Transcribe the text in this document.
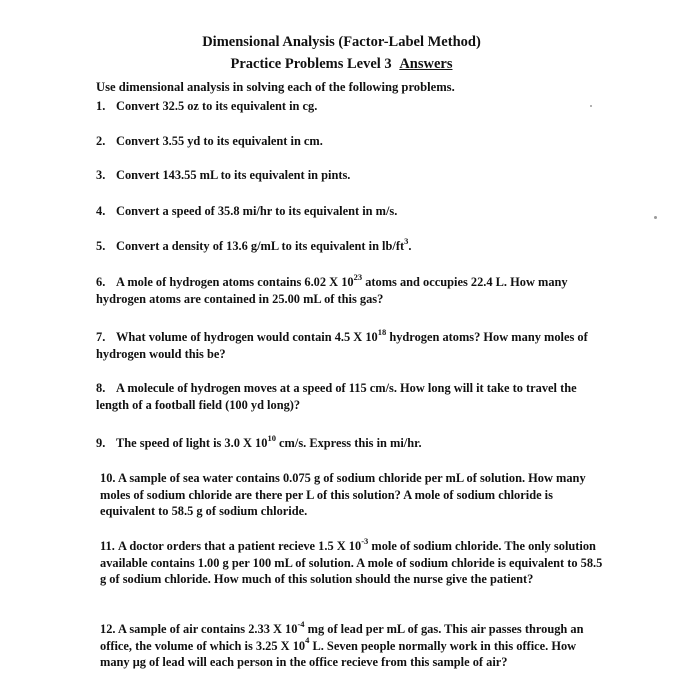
Dimensional Analysis (Factor-Label Method)
Practice Problems Level 3 Answers
Use dimensional analysis in solving each of the following problems.
1. Convert 32.5 oz to its equivalent in cg.
2. Convert 3.55 yd to its equivalent in cm.
3. Convert 143.55 mL to its equivalent in pints.
4. Convert a speed of 35.8 mi/hr to its equivalent in m/s.
5. Convert a density of 13.6 g/mL to its equivalent in $lb/ft^3$.
6. A mole of hydrogen atoms contains 6.02 X $10^{23}$ atoms and occupies 22.4 L. How many hydrogen atoms are contained in 25.00 mL of this gas?
7. What volume of hydrogen would contain 4.5 X $10^{18}$ hydrogen atoms? How many moles of hydrogen would this be?
8. A molecule of hydrogen moves at a speed of 115 cm/s. How long will it take to travel the length of a football field (100 yd long)?
9. The speed of light is 3.0 X $10^{10}$ cm/s. Express this in mi/hr.
10. A sample of sea water contains 0.075 g of sodium chloride per mL of solution. How many moles of sodium chloride are there per L of this solution? A mole of sodium chloride is equivalent to 58.5 g of sodium chloride.
11. A doctor orders that a patient recieve 1.5 X $10^{-3}$ mole of sodium chloride. The only solution available contains 1.00 g per 100 mL of solution. A mole of sodium chloride is equivalent to 58.5 g of sodium chloride. How much of this solution should the nurse give the patient?
12. A sample of air contains 2.33 X $10^{-4}$ mg of lead per mL of gas. This air passes through an office, the volume of which is 3.25 X $10^4$ L. Seven people normally work in this office. How many μg of lead will each person in the office recieve from this sample of air?
